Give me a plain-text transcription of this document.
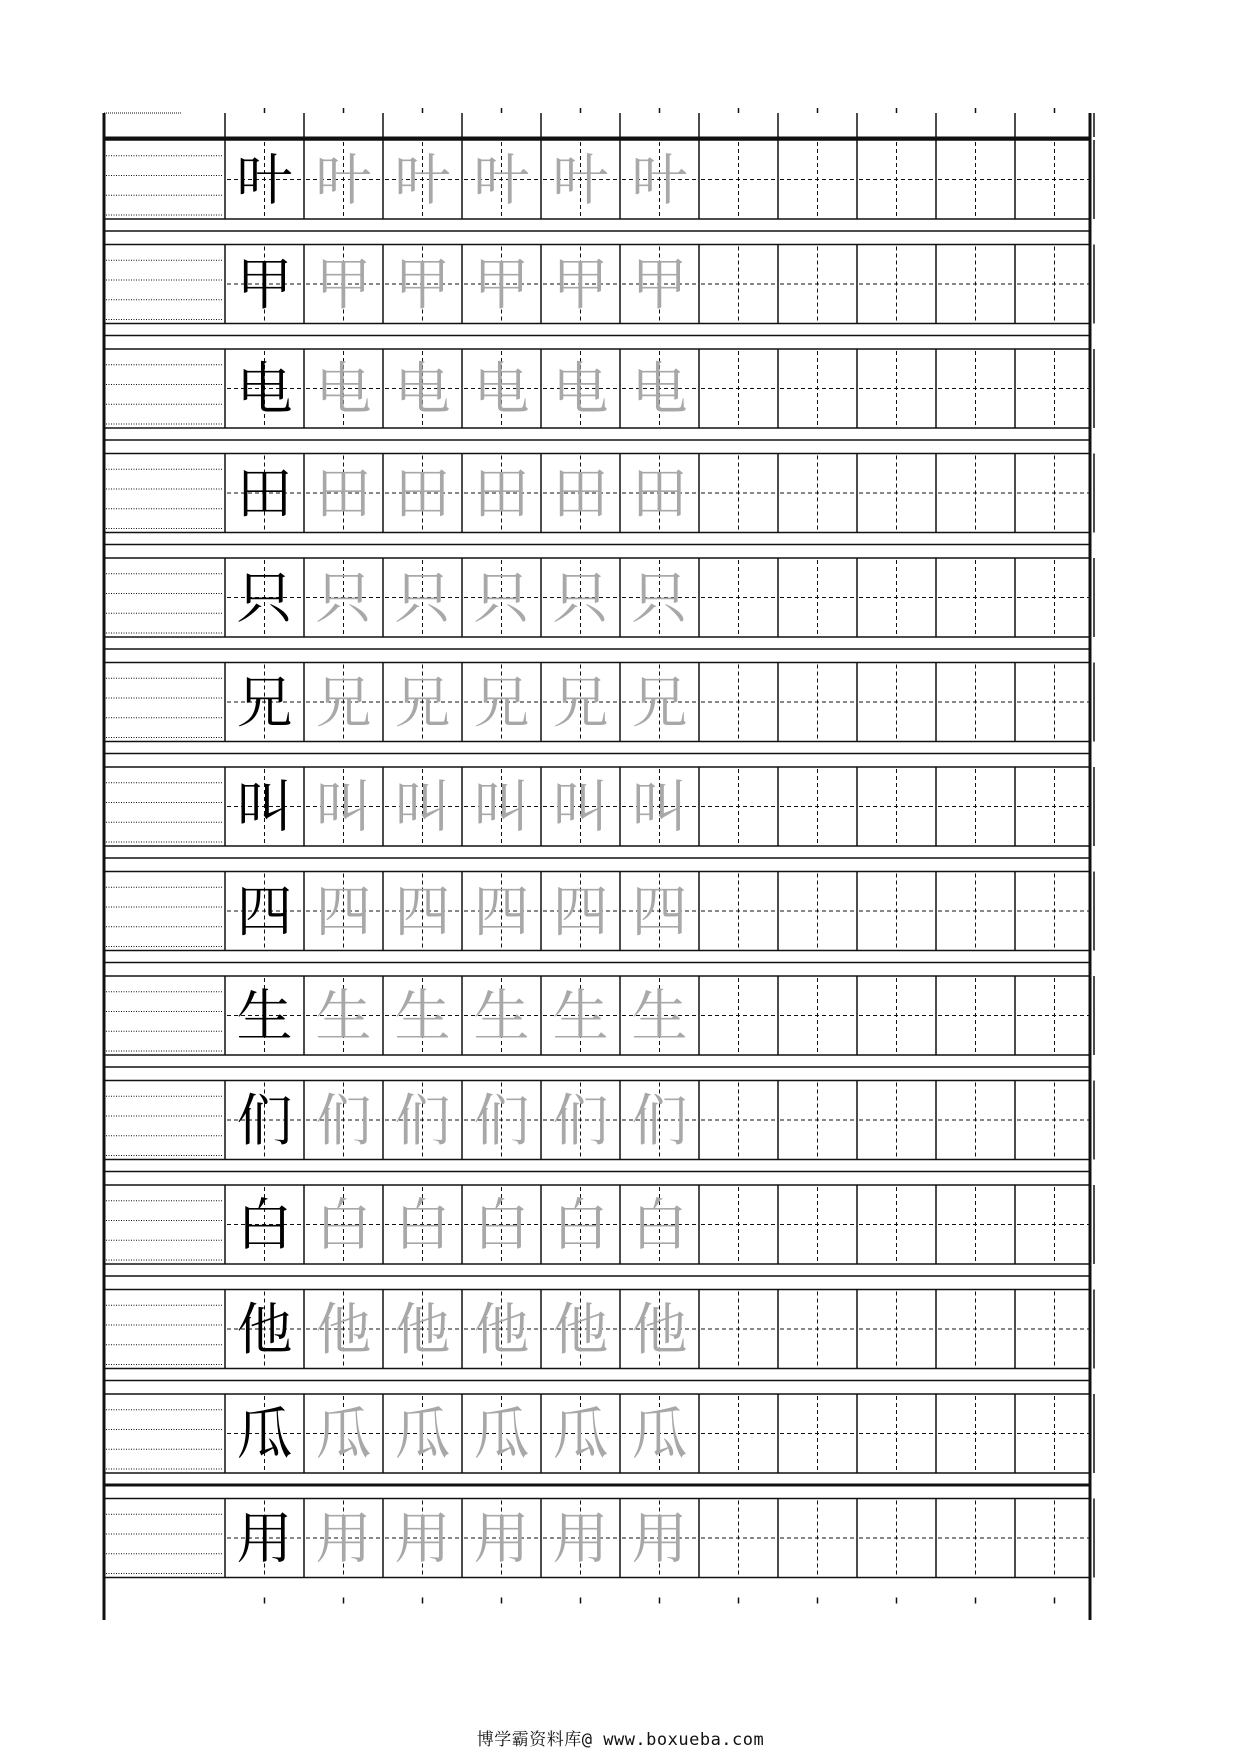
叶 叶 叶 叶 叶 叶
甲 甲 甲 甲 甲 甲
电 电 电 电 电 电
田 田 田 田 田 田
只 只 只 只 只 只
兄 兄 兄 兄 兄 兄
叫 叫 叫 叫 叫 叫
四 四 四 四 四 四
生 生 生 生 生 生
们 们 们 们 们 们
白 白 白 白 白 白
他 他 他 他 他 他
瓜 瓜 瓜 瓜 瓜 瓜
用 用 用 用 用 用
博学霸资料库@ www.boxueba.com
